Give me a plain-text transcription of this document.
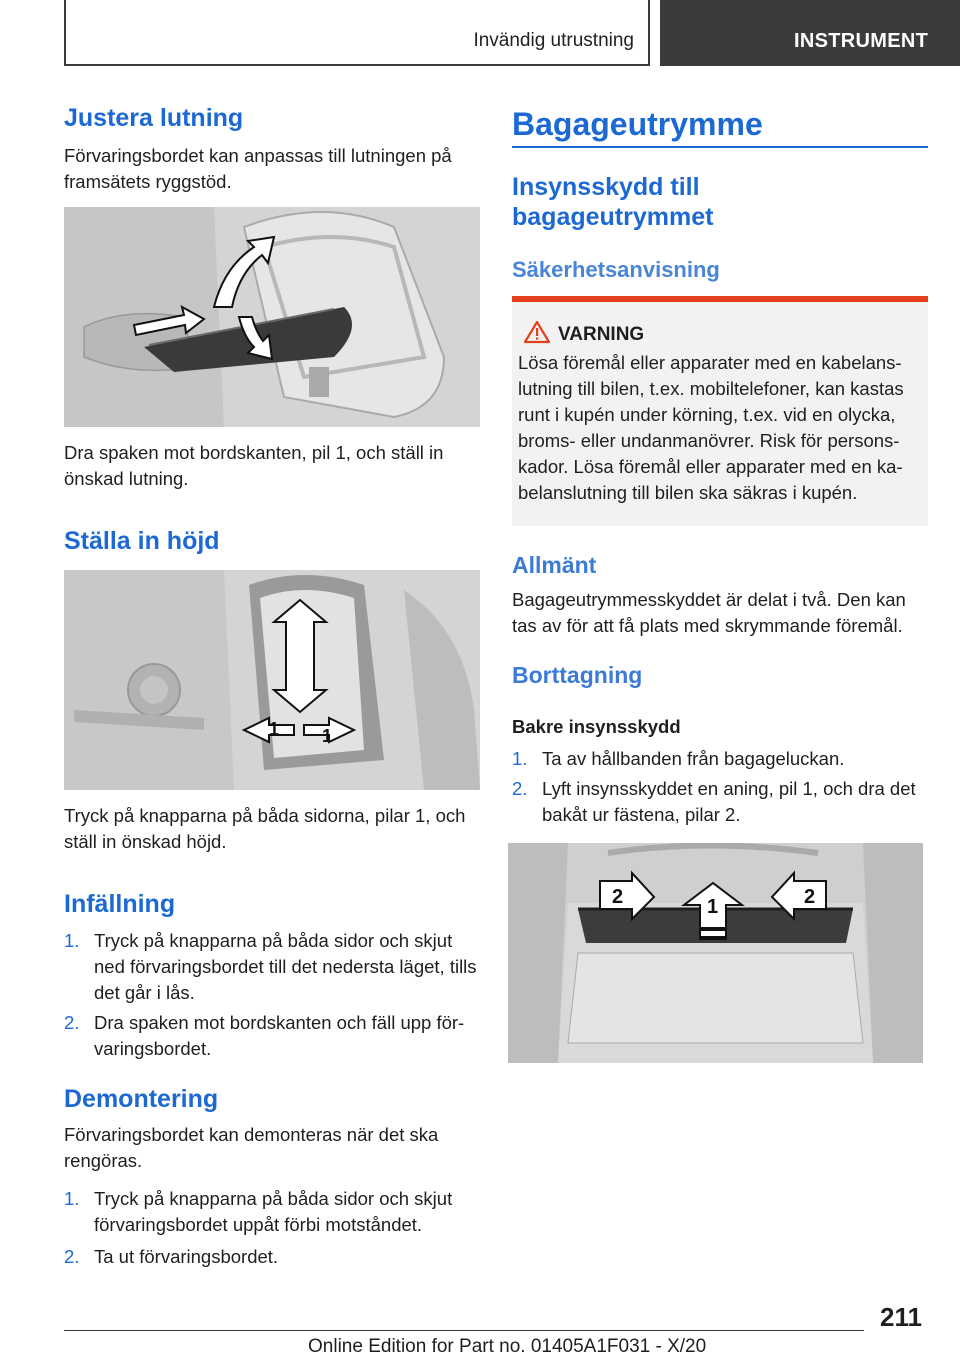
Invändig utrustning	INSTRUMENT
Justera lutning

Förvaringsbordet kan anpassas till lutningen på framsätets ryggstöd.

Dra spaken mot bordskanten, pil 1, och ställ in önskad lutning.

Ställa in höjd
1 1

Tryck på knapparna på båda sidorna, pilar 1, och ställ in önskad höjd.

Infällning
1. Tryck på knapparna på båda sidor och skjut ned förvaringsbordet till det nedersta läget, tills det går i lås.
2. Dra spaken mot bordskanten och fäll upp för-varingsbordet.
Demontering

Förvaringsbordet kan demonteras när det ska rengöras.

1. Tryck på knapparna på båda sidor och skjut förvaringsbordet uppåt förbi motståndet.
2. Ta ut förvaringsbordet.
Bagageutrymme
Insynsskydd till bagageutrymmet
Säkerhetsanvisning
VARNING
Lösa föremål eller apparater med en kabelans-lutning till bilen, t.ex. mobiltelefoner, kan kastas runt i kupén under körning, t.ex. vid en olycka, broms- eller undanmanövrer. Risk för persons-kador. Lösa föremål eller apparater med en ka-belanslutning till bilen ska säkras i kupén.
Allmänt

Bagageutrymmesskyddet är delat i två. Den kan tas av för att få plats med skrymmande föremål.

Borttagning
Bakre insynsskydd
1. Ta av hållbanden från bagageluckan.
2. Lyft insynsskyddet en aning, pil 1, och dra det bakåt ur fästena, pilar 2.
1
2	2
211
Online Edition for Part no. 01405A1F031 - X/20
